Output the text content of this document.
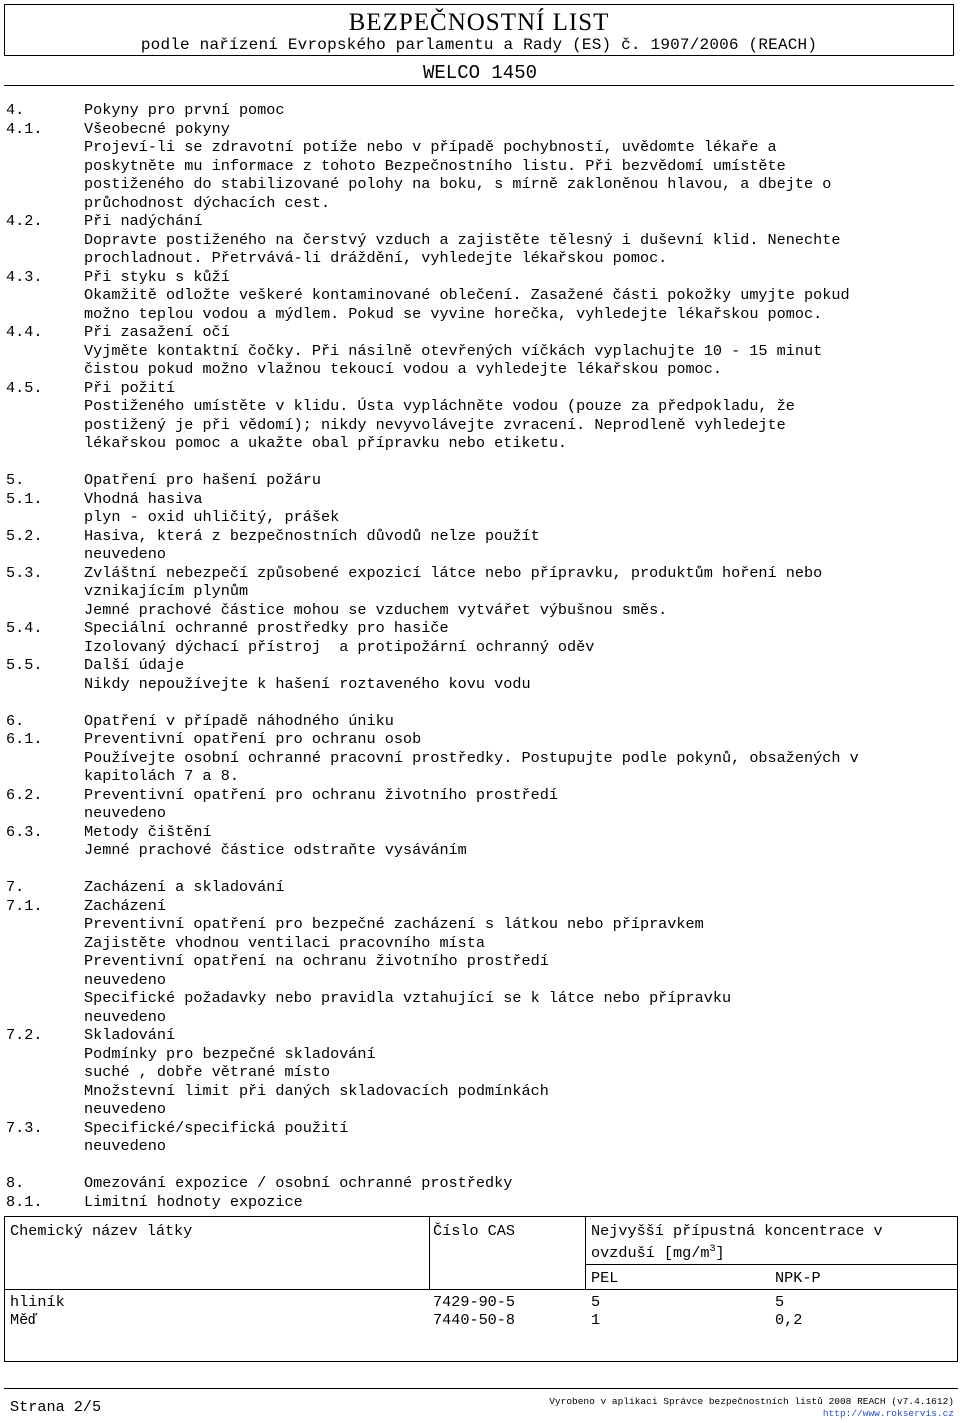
BEZPEČNOSTNÍ LIST
podle nařízení Evropského parlamentu a Rady (ES) č. 1907/2006 (REACH)
WELCO 1450
4.	Pokyny pro první pomoc
4.1.	Všeobecné pokyny
Projeví-li se zdravotní potíže nebo v případě pochybností, uvědomte lékaře a
poskytněte mu informace z tohoto Bezpečnostního listu. Při bezvědomí umístěte
postiženého do stabilizované polohy na boku, s mírně zakloněnou hlavou, a dbejte o
průchodnost dýchacích cest.
4.2.	Při nadýchání
Dopravte postiženého na čerstvý vzduch a zajistěte tělesný i duševní klid. Nenechte
prochladnout. Přetrvává-li dráždění, vyhledejte lékařskou pomoc.
4.3.	Při styku s kůží
Okamžitě odložte veškeré kontaminované oblečení. Zasažené části pokožky umyjte pokud
možno teplou vodou a mýdlem. Pokud se vyvine horečka, vyhledejte lékařskou pomoc.
4.4.	Při zasažení očí
Vyjměte kontaktní čočky. Při násilně otevřených víčkách vyplachujte 10 - 15 minut
čistou pokud možno vlažnou tekoucí vodou a vyhledejte lékařskou pomoc.
4.5.	Při požití
Postiženého umístěte v klidu. Ústa vypláchněte vodou (pouze za předpokladu, že
postižený je při vědomí); nikdy nevyvolávejte zvracení. Neprodleně vyhledejte
lékařskou pomoc a ukažte obal přípravku nebo etiketu.
5.	Opatření pro hašení požáru
5.1.	Vhodná hasiva
plyn - oxid uhličitý, prášek
5.2.	Hasiva, která z bezpečnostních důvodů nelze použít
neuvedeno
5.3.	Zvláštní nebezpečí způsobené expozicí látce nebo přípravku, produktům hoření nebo
vznikajícím plynům
Jemné prachové částice mohou se vzduchem vytvářet výbušnou směs.
5.4.	Speciální ochranné prostředky pro hasiče
Izolovaný dýchací přístroj  a protipožární ochranný oděv
5.5.	Další údaje
Nikdy nepoužívejte k hašení roztaveného kovu vodu
6.	Opatření v případě náhodného úniku
6.1.	Preventivní opatření pro ochranu osob
Používejte osobní ochranné pracovní prostředky. Postupujte podle pokynů, obsažených v
kapitolách 7 a 8.
6.2.	Preventivní opatření pro ochranu životního prostředí
neuvedeno
6.3.	Metody čištění
Jemné prachové částice odstraňte vysáváním
7.	Zacházení a skladování
7.1.	Zacházení
Preventivní opatření pro bezpečné zacházení s látkou nebo přípravkem
Zajistěte vhodnou ventilaci pracovního místa
Preventivní opatření na ochranu životního prostředí
neuvedeno
Specifické požadavky nebo pravidla vztahující se k látce nebo přípravku
neuvedeno
7.2.	Skladování
Podmínky pro bezpečné skladování
suché , dobře větrané místo
Množstevní limit při daných skladovacích podmínkách
neuvedeno
7.3.	Specifické/specifická použití
neuvedeno
8.	Omezování expozice / osobní ochranné prostředky
8.1.	Limitní hodnoty expozice
Chemický název látky	Číslo CAS	Nejvyšší přípustná koncentrace v
ovzduší $[mg/m^3]$
PEL	NPK-P
hliník	7429-90-5	5	5
Měď	7440-50-8	1	0,2
Strana 2/5	Vyrobeno v aplikaci Správce bezpečnostních listů 2008 REACH (v7.4.1612)
http://www.rokservis.cz
